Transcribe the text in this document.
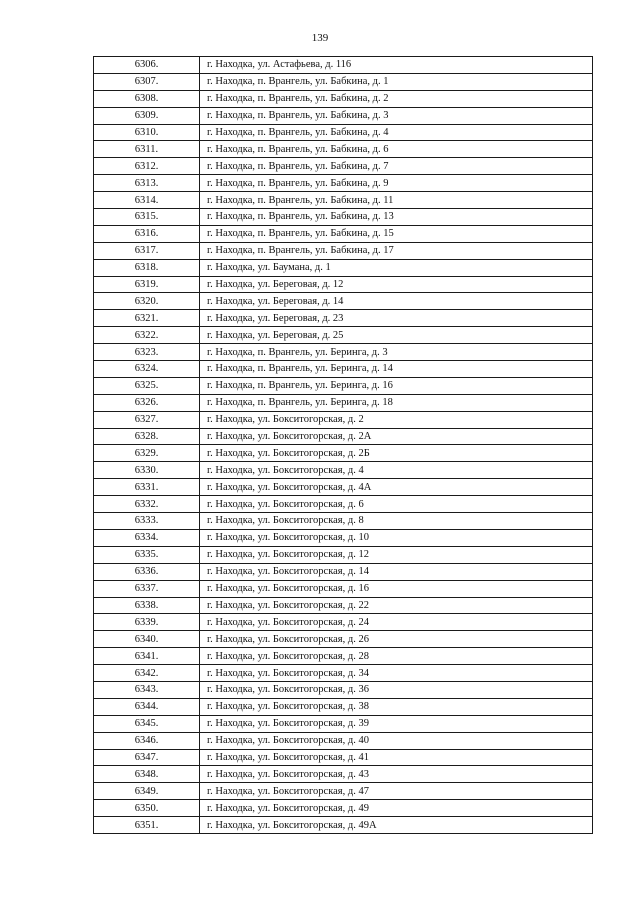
139
6306.	г. Находка, ул. Астафьева, д. 116
6307.	г. Находка, п. Врангель, ул. Бабкина, д. 1
6308.	г. Находка, п. Врангель, ул. Бабкина, д. 2
6309.	г. Находка, п. Врангель, ул. Бабкина, д. 3
6310.	г. Находка, п. Врангель, ул. Бабкина, д. 4
6311.	г. Находка, п. Врангель, ул. Бабкина, д. 6
6312.	г. Находка, п. Врангель, ул. Бабкина, д. 7
6313.	г. Находка, п. Врангель, ул. Бабкина, д. 9
6314.	г. Находка, п. Врангель, ул. Бабкина, д. 11
6315.	г. Находка, п. Врангель, ул. Бабкина, д. 13
6316.	г. Находка, п. Врангель, ул. Бабкина, д. 15
6317.	г. Находка, п. Врангель, ул. Бабкина, д. 17
6318.	г. Находка, ул. Баумана, д. 1
6319.	г. Находка, ул. Береговая, д. 12
6320.	г. Находка, ул. Береговая, д. 14
6321.	г. Находка, ул. Береговая, д. 23
6322.	г. Находка, ул. Береговая, д. 25
6323.	г. Находка, п. Врангель, ул. Беринга, д. 3
6324.	г. Находка, п. Врангель, ул. Беринга, д. 14
6325.	г. Находка, п. Врангель, ул. Беринга, д. 16
6326.	г. Находка, п. Врангель, ул. Беринга, д. 18
6327.	г. Находка, ул. Бокситогорская, д. 2
6328.	г. Находка, ул. Бокситогорская, д. 2А
6329.	г. Находка, ул. Бокситогорская, д. 2Б
6330.	г. Находка, ул. Бокситогорская, д. 4
6331.	г. Находка, ул. Бокситогорская, д. 4А
6332.	г. Находка, ул. Бокситогорская, д. 6
6333.	г. Находка, ул. Бокситогорская, д. 8
6334.	г. Находка, ул. Бокситогорская, д. 10
6335.	г. Находка, ул. Бокситогорская, д. 12
6336.	г. Находка, ул. Бокситогорская, д. 14
6337.	г. Находка, ул. Бокситогорская, д. 16
6338.	г. Находка, ул. Бокситогорская, д. 22
6339.	г. Находка, ул. Бокситогорская, д. 24
6340.	г. Находка, ул. Бокситогорская, д. 26
6341.	г. Находка, ул. Бокситогорская, д. 28
6342.	г. Находка, ул. Бокситогорская, д. 34
6343.	г. Находка, ул. Бокситогорская, д. 36
6344.	г. Находка, ул. Бокситогорская, д. 38
6345.	г. Находка, ул. Бокситогорская, д. 39
6346.	г. Находка, ул. Бокситогорская, д. 40
6347.	г. Находка, ул. Бокситогорская, д. 41
6348.	г. Находка, ул. Бокситогорская, д. 43
6349.	г. Находка, ул. Бокситогорская, д. 47
6350.	г. Находка, ул. Бокситогорская, д. 49
6351.	г. Находка, ул. Бокситогорская, д. 49А
